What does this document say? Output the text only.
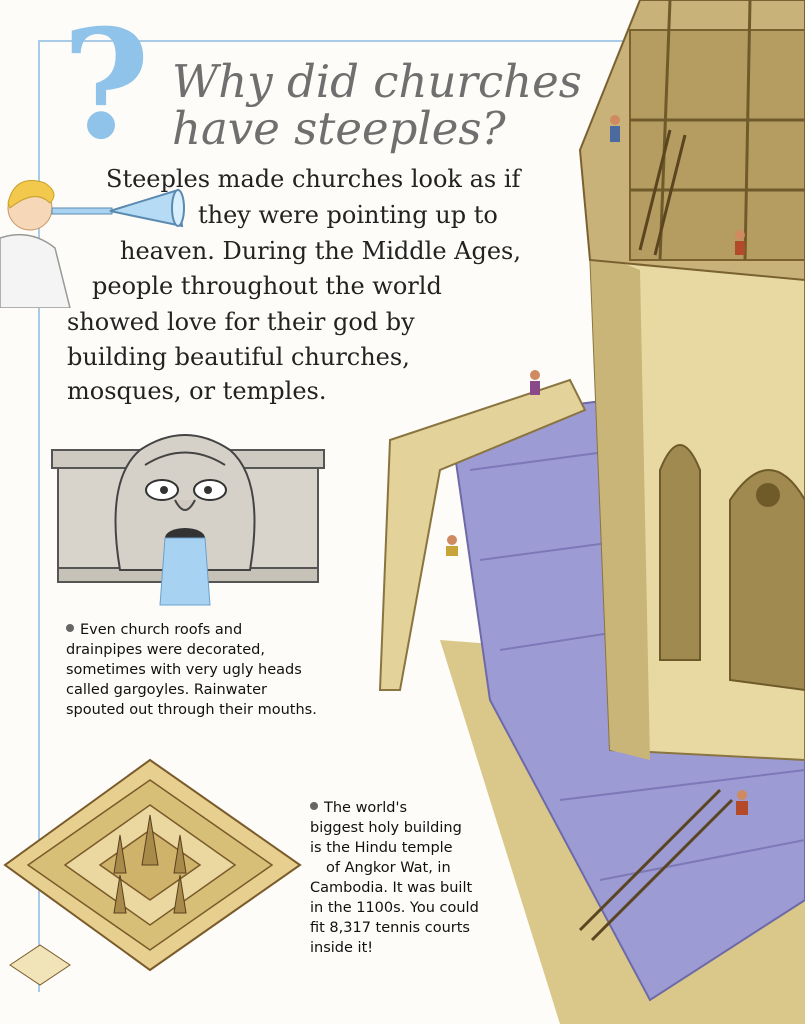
? Why did churches
have steeples?
Steeples made churches look as if
they were pointing up to
heaven. During the Middle Ages,
people throughout the world
showed love for their god by
building beautiful churches,
mosques, or temples.
Even church roofs and
drainpipes were decorated,
sometimes with very ugly heads
called gargoyles. Rainwater
spouted out through their mouths.
The world's
biggest holy building
is the Hindu temple
of Angkor Wat, in
Cambodia. It was built
in the 1100s. You could
fit 8,317 tennis courts
inside it!
